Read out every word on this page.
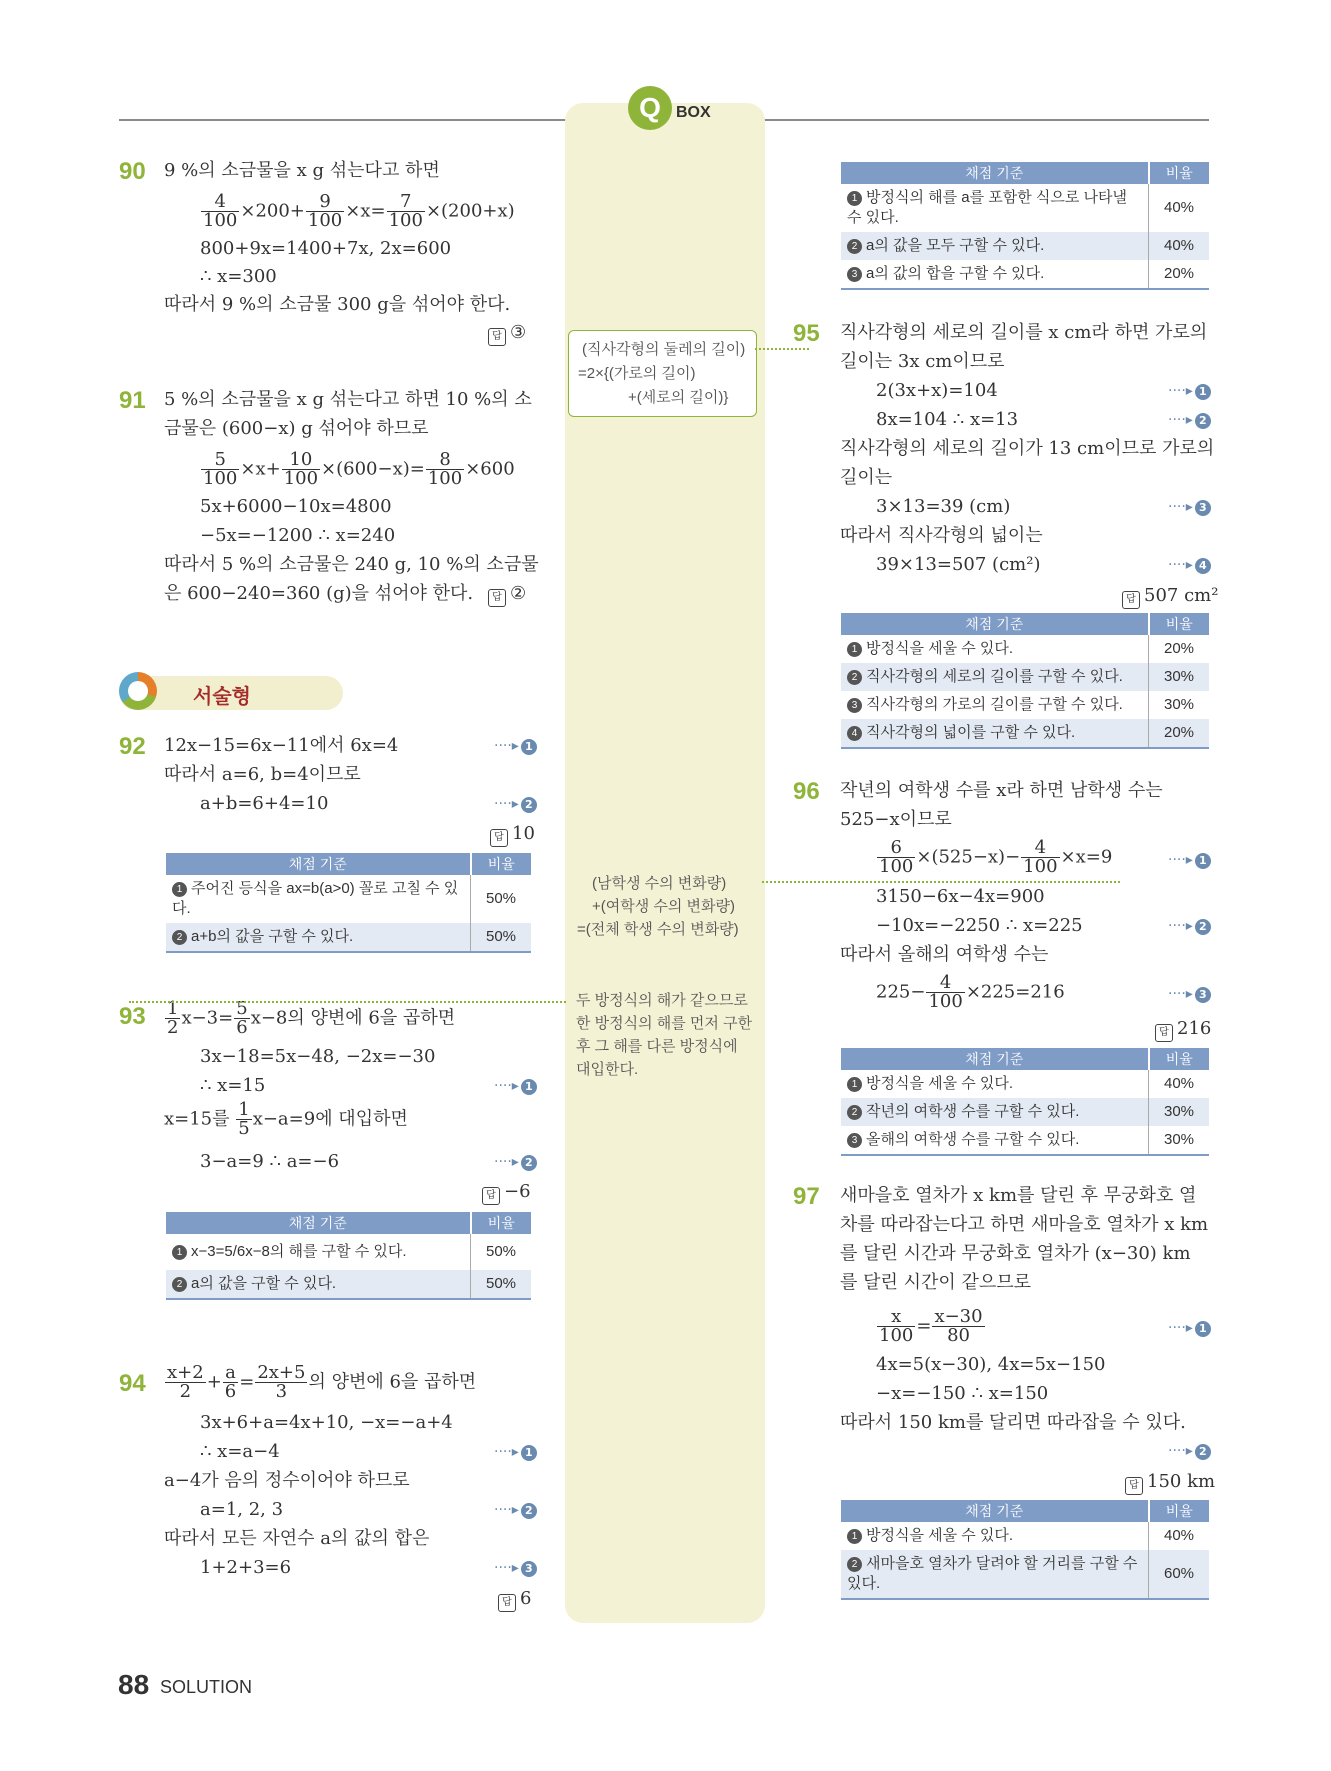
Q BOX
90 9 %의 소금물을 x g 섞는다고 하면
$\frac{4}{100} \times 200+ \frac{9}{100} \times x= \frac{7}{100} \times(200+x)$
800+9x=1400+7x, 2x=600
∴ x=300
따라서 9 %의 소금물 300 g을 섞어야 한다.
답 ③
91 5 %의 소금물을 x g 섞는다고 하면 10 %의 소
금물은 (600−x) g 섞어야 하므로
$\frac{5}{100} \times x+ \frac{10}{100} \times(600-x)= \frac{8}{100} \times 600$
5x+6000−10x=4800
−5x=−1200 ∴ x=240
따라서 5 %의 소금물은 240 g, 10 %의 소금물
은 600−240=360 (g)을 섞어야 한다.	답 ②
서술형
92 12x−15=6x−11에서 6x=4	····▸ 1
따라서 a=6, b=4이므로
a+b=6+4=10	····▸ 2
답 10
채점 기준	비율
1 주어진 등식을 ax=b(a>0) 꼴로 고칠 수 있다.	50%
2 a+b의 값을 구할 수 있다.	50%
$93 \frac{1}{2} x-3= \frac{5}{6} x-8$의 양변에 6을 곱하면
3x−18=5x−48, −2x=−30
∴ x=15	····▸ 1
x=15를 $\frac{1}{5} x-a=9$에 대입하면
3−a=9 ∴ a=−6	····▸ 2
답 −6
채점 기준	비율
1 x−3=5/6x−8의 해를 구할 수 있다.	50%
2 a의 값을 구할 수 있다.	50%
$94 \frac{x+2}{2} + \frac{a}{6} = \frac{2x+5}{3}$ 의 양변에 6을 곱하면
3x+6+a=4x+10, −x=−a+4
∴ x=a−4	····▸ 1
a−4가 음의 정수이어야 하므로
a=1, 2, 3	····▸ 2
따라서 모든 자연수 a의 값의 합은
1+2+3=6	····▸ 3
답 6
(직사각형의 둘레의 길이)
=2×{(가로의 길이)
+(세로의 길이)}
(남학생 수의 변화량)
+(여학생 수의 변화량)
=(전체 학생 수의 변화량)
두 방정식의 해가 같으므로
한 방정식의 해를 먼저 구한
후 그 해를 다른 방정식에
대입한다.
채점 기준	비율
1 방정식의 해를 a를 포함한 식으로 나타낼 수 있다.	40%
2 a의 값을 모두 구할 수 있다.	40%
3 a의 값의 합을 구할 수 있다.	20%
95 직사각형의 세로의 길이를 x cm라 하면 가로의
길이는 3x cm이므로
2(3x+x)=104	····▸ 1
8x=104 ∴ x=13	····▸ 2
직사각형의 세로의 길이가 13 cm이므로 가로의
길이는
3×13=39 (cm)	····▸ 3
따라서 직사각형의 넓이는
39×13=507 (cm²)	····▸ 4
답 507 cm²
채점 기준	비율
1 방정식을 세울 수 있다.	20%
2 직사각형의 세로의 길이를 구할 수 있다.	30%
3 직사각형의 가로의 길이를 구할 수 있다.	30%
4 직사각형의 넓이를 구할 수 있다.	20%
96 작년의 여학생 수를 x라 하면 남학생 수는
525−x이므로
$\frac{6}{100} \times(525-x)- \frac{4}{100} \times x=9$	····▸ 1
3150−6x−4x=900
−10x=−2250 ∴ x=225	····▸ 2
따라서 올해의 여학생 수는
$225- \frac{4}{100} \times 225=216$	····▸ 3
답 216
채점 기준	비율
1 방정식을 세울 수 있다.	40%
2 작년의 여학생 수를 구할 수 있다.	30%
3 올해의 여학생 수를 구할 수 있다.	30%
97 새마을호 열차가 x km를 달린 후 무궁화호 열
차를 따라잡는다고 하면 새마을호 열차가 x km
를 달린 시간과 무궁화호 열차가 (x−30) km
를 달린 시간이 같으므로
$\frac{x}{100} = \frac{x-30}{80}$	····▸ 1
4x=5(x−30), 4x=5x−150
−x=−150 ∴ x=150
따라서 150 km를 달리면 따라잡을 수 있다.
····▸ 2
답 150 km
채점 기준	비율
1 방정식을 세울 수 있다.	40%
2 새마을호 열차가 달려야 할 거리를 구할 수 있다.	60%
88 SOLUTION
